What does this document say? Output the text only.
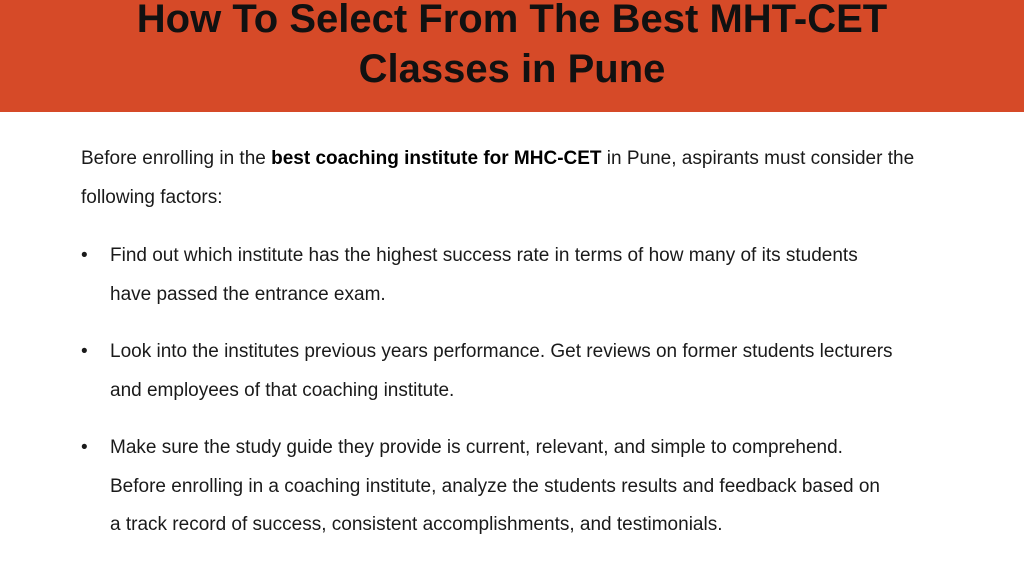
How To Select From The Best MHT-CET
Classes in Pune

Before enrolling in the best coaching institute for MHC-CET in Pune, aspirants must consider the following factors:

• Find out which institute has the highest success rate in terms of how many of its students have passed the entrance exam.
• Look into the institutes previous years performance. Get reviews on former students lecturers and employees of that coaching institute.
• Make sure the study guide they provide is current, relevant, and simple to comprehend. Before enrolling in a coaching institute, analyze the students results and feedback based on a track record of success, consistent accomplishments, and testimonials.
